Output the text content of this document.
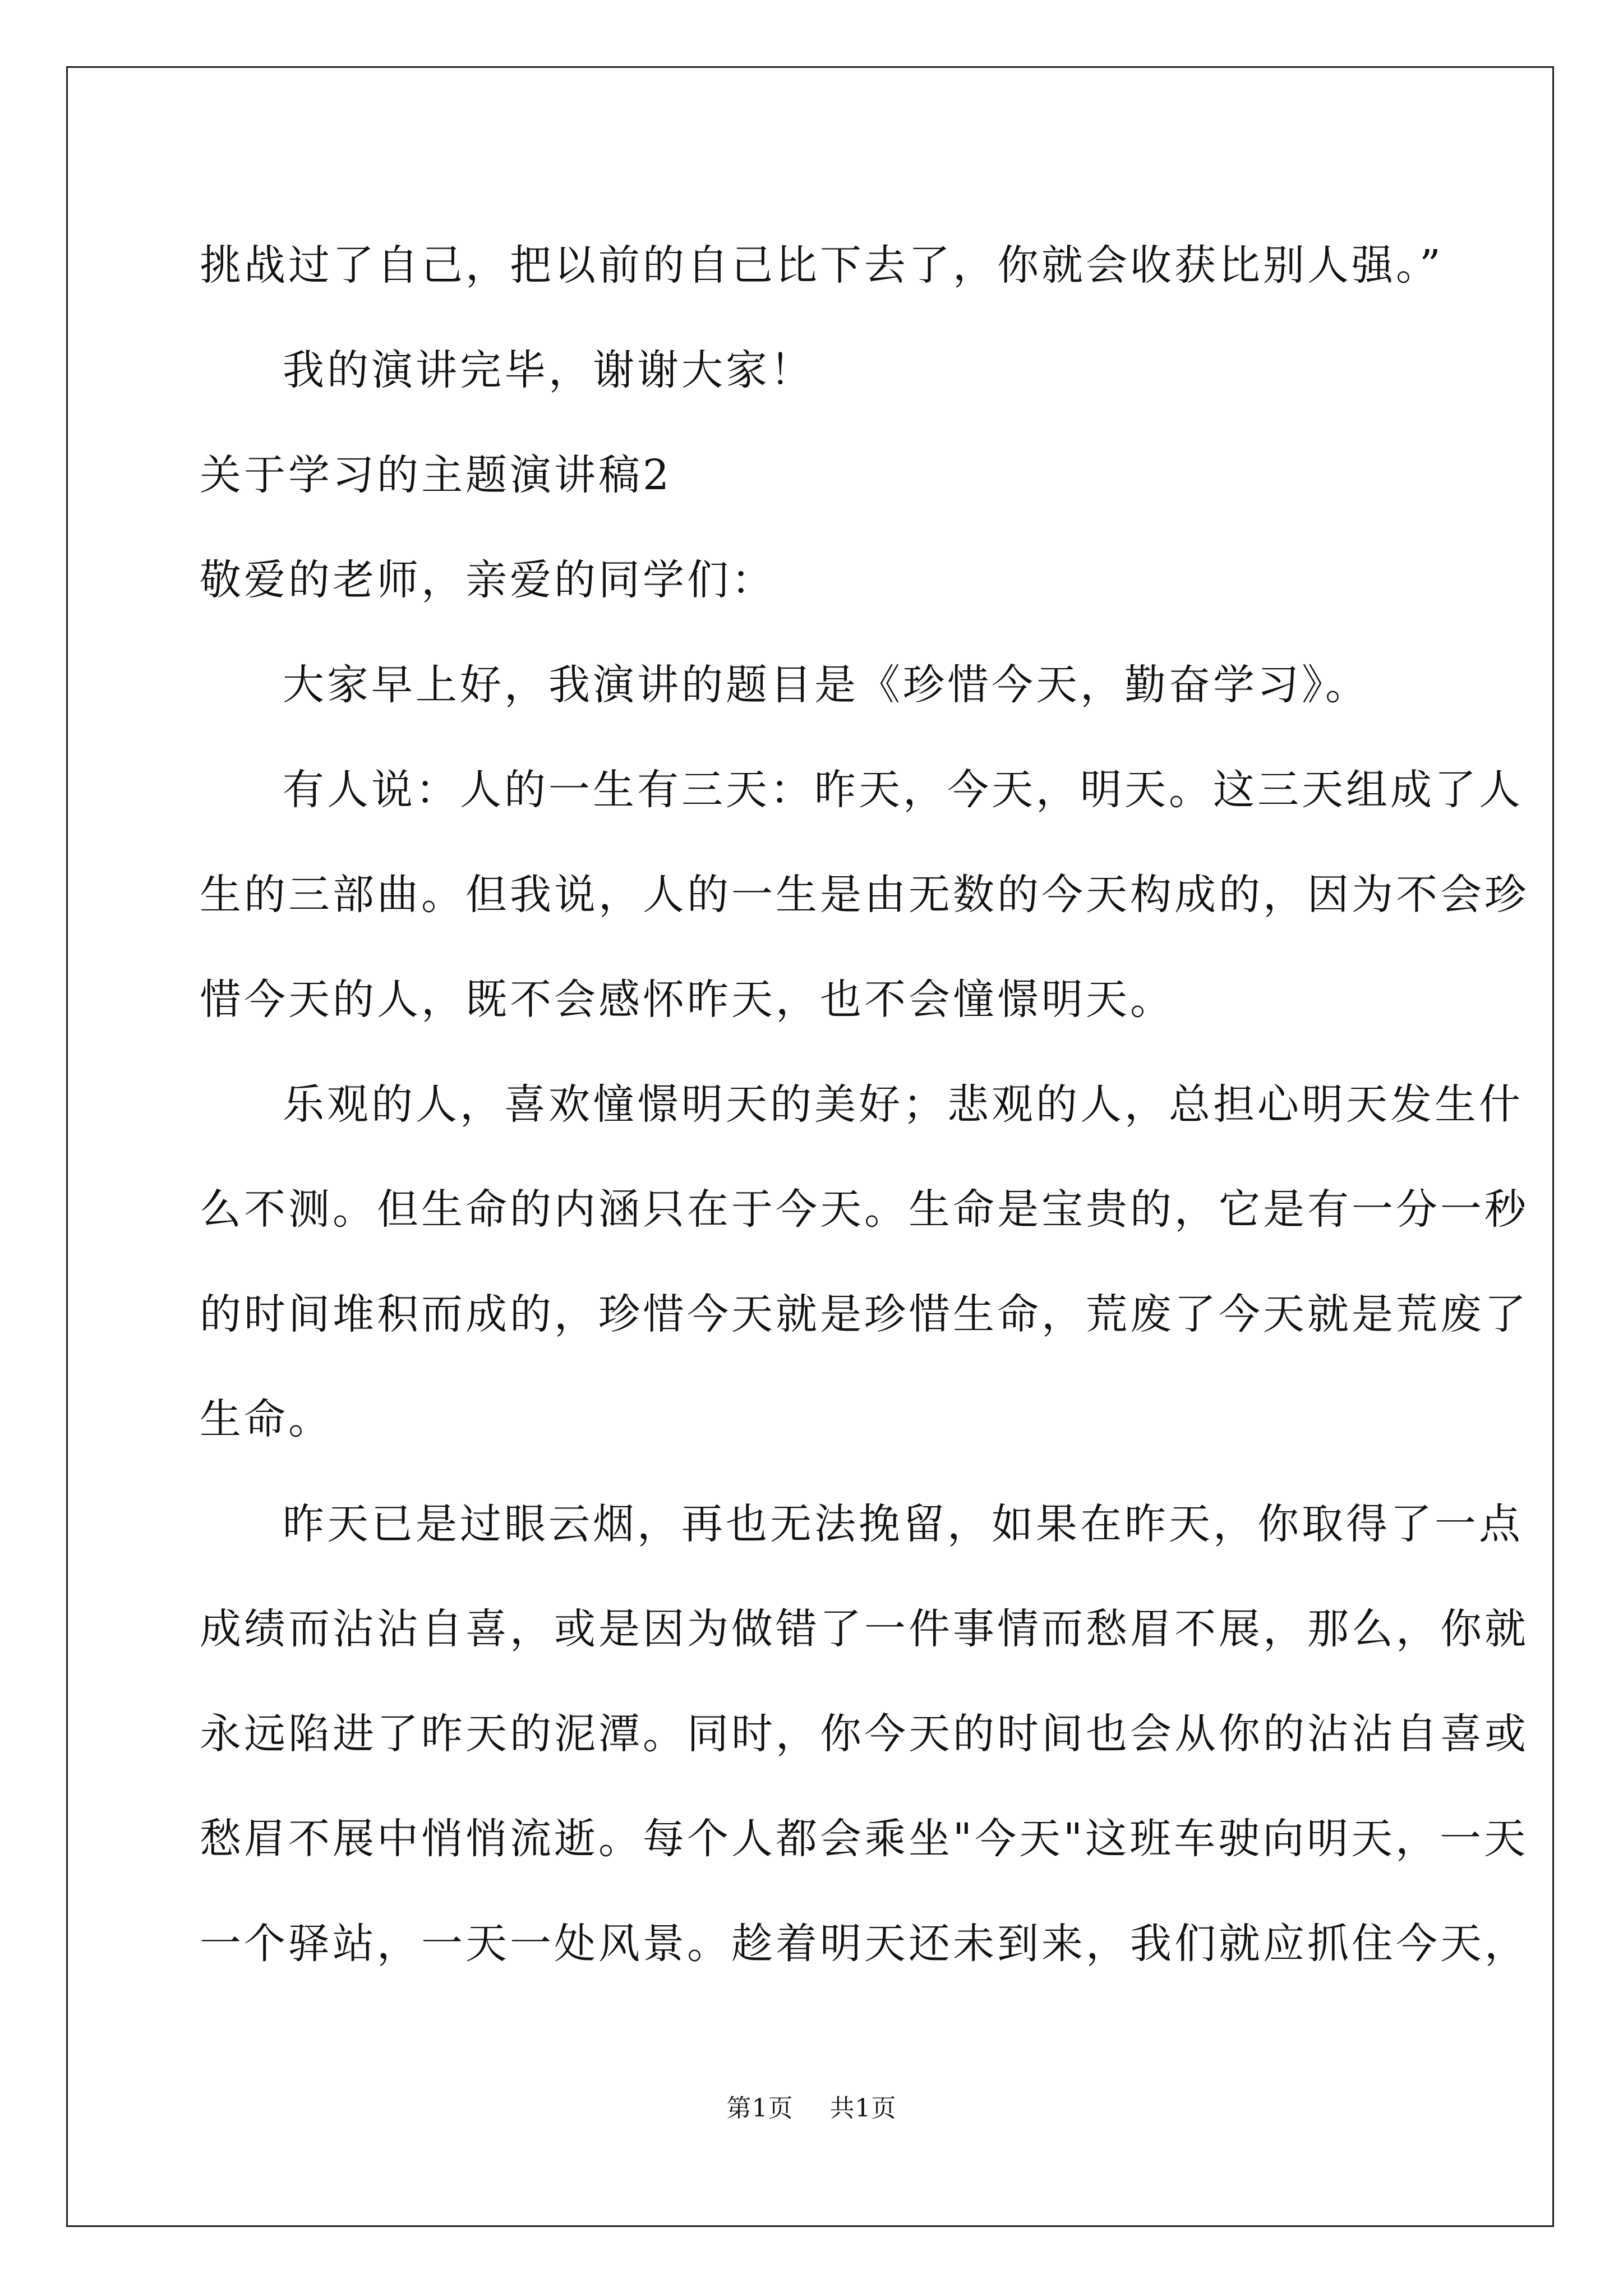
挑战过了自己，把以前的自己比下去了，你就会收获比别人强。”
我的演讲完毕，谢谢大家！
关于学习的主题演讲稿2
敬爱的老师，亲爱的同学们：
大家早上好，我演讲的题目是《珍惜今天，勤奋学习》。
有人说：人的一生有三天：昨天，今天，明天。这三天组成了人
生的三部曲。但我说，人的一生是由无数的今天构成的，因为不会珍
惜今天的人，既不会感怀昨天，也不会憧憬明天。
乐观的人，喜欢憧憬明天的美好；悲观的人，总担心明天发生什
么不测。但生命的内涵只在于今天。生命是宝贵的，它是有一分一秒
的时间堆积而成的，珍惜今天就是珍惜生命，荒废了今天就是荒废了
生命。
昨天已是过眼云烟，再也无法挽留，如果在昨天，你取得了一点
成绩而沾沾自喜，或是因为做错了一件事情而愁眉不展，那么，你就
永远陷进了昨天的泥潭。同时，你今天的时间也会从你的沾沾自喜或
愁眉不展中悄悄流逝。每个人都会乘坐"今天"这班车驶向明天，一天
一个驿站，一天一处风景。趁着明天还未到来，我们就应抓住今天，
第1页 共1页
